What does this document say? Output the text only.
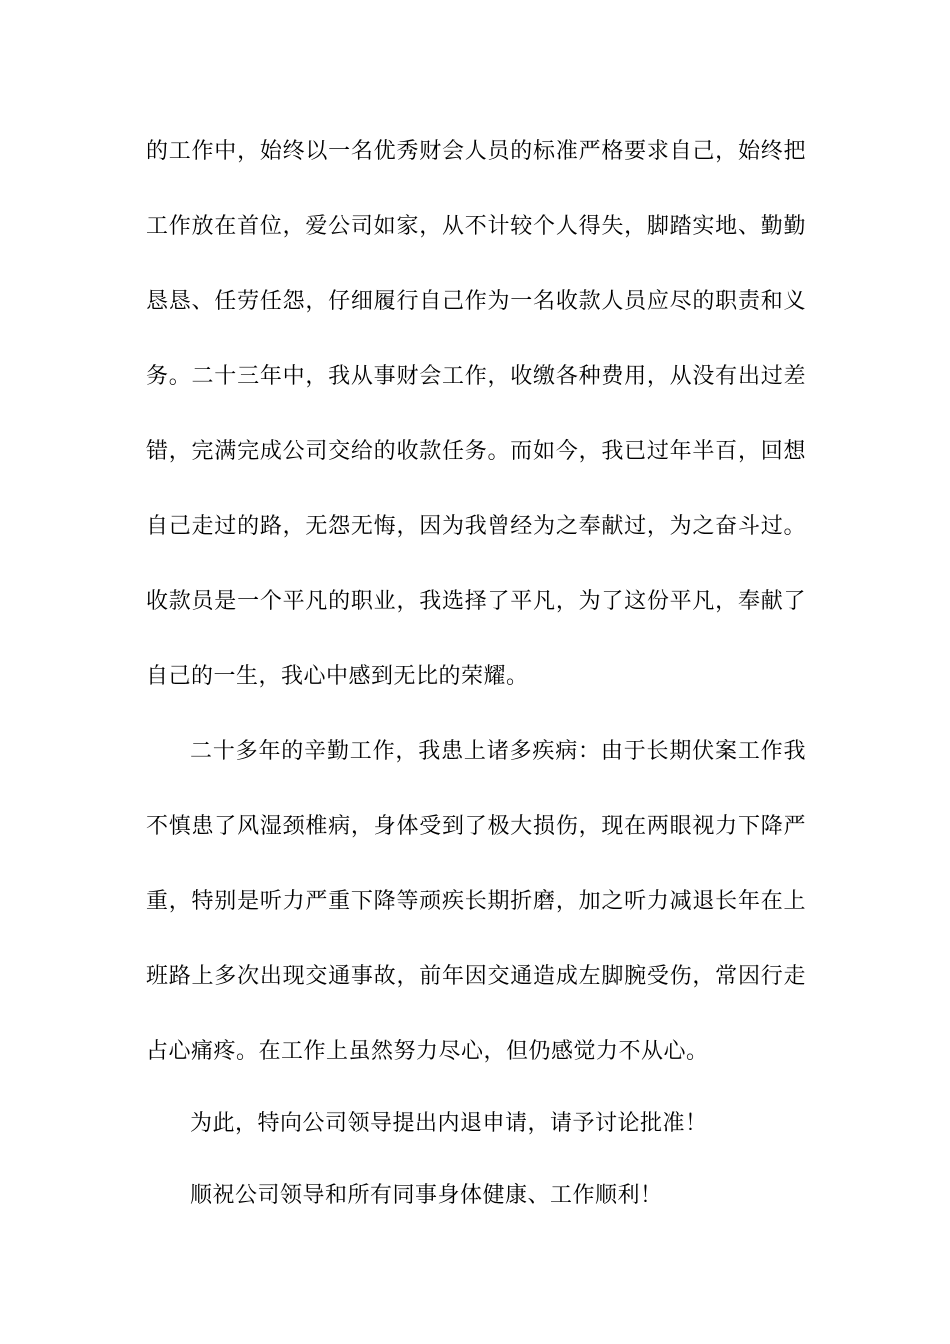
的工作中，始终以一名优秀财会人员的标准严格要求自己，始终把
工作放在首位，爱公司如家，从不计较个人得失，脚踏实地、勤勤
恳恳、任劳任怨，仔细履行自己作为一名收款人员应尽的职责和义
务。二十三年中，我从事财会工作，收缴各种费用，从没有出过差
错，完满完成公司交给的收款任务。而如今，我已过年半百，回想
自己走过的路，无怨无悔，因为我曾经为之奉献过，为之奋斗过。
收款员是一个平凡的职业，我选择了平凡，为了这份平凡，奉献了
自己的一生，我心中感到无比的荣耀。
二十多年的辛勤工作，我患上诸多疾病：由于长期伏案工作我
不慎患了风湿颈椎病，身体受到了极大损伤，现在两眼视力下降严
重，特别是听力严重下降等顽疾长期折磨，加之听力减退长年在上
班路上多次出现交通事故，前年因交通造成左脚腕受伤，常因行走
占心痛疼。在工作上虽然努力尽心，但仍感觉力不从心。
为此，特向公司领导提出内退申请，请予讨论批准！
顺祝公司领导和所有同事身体健康、工作顺利！
